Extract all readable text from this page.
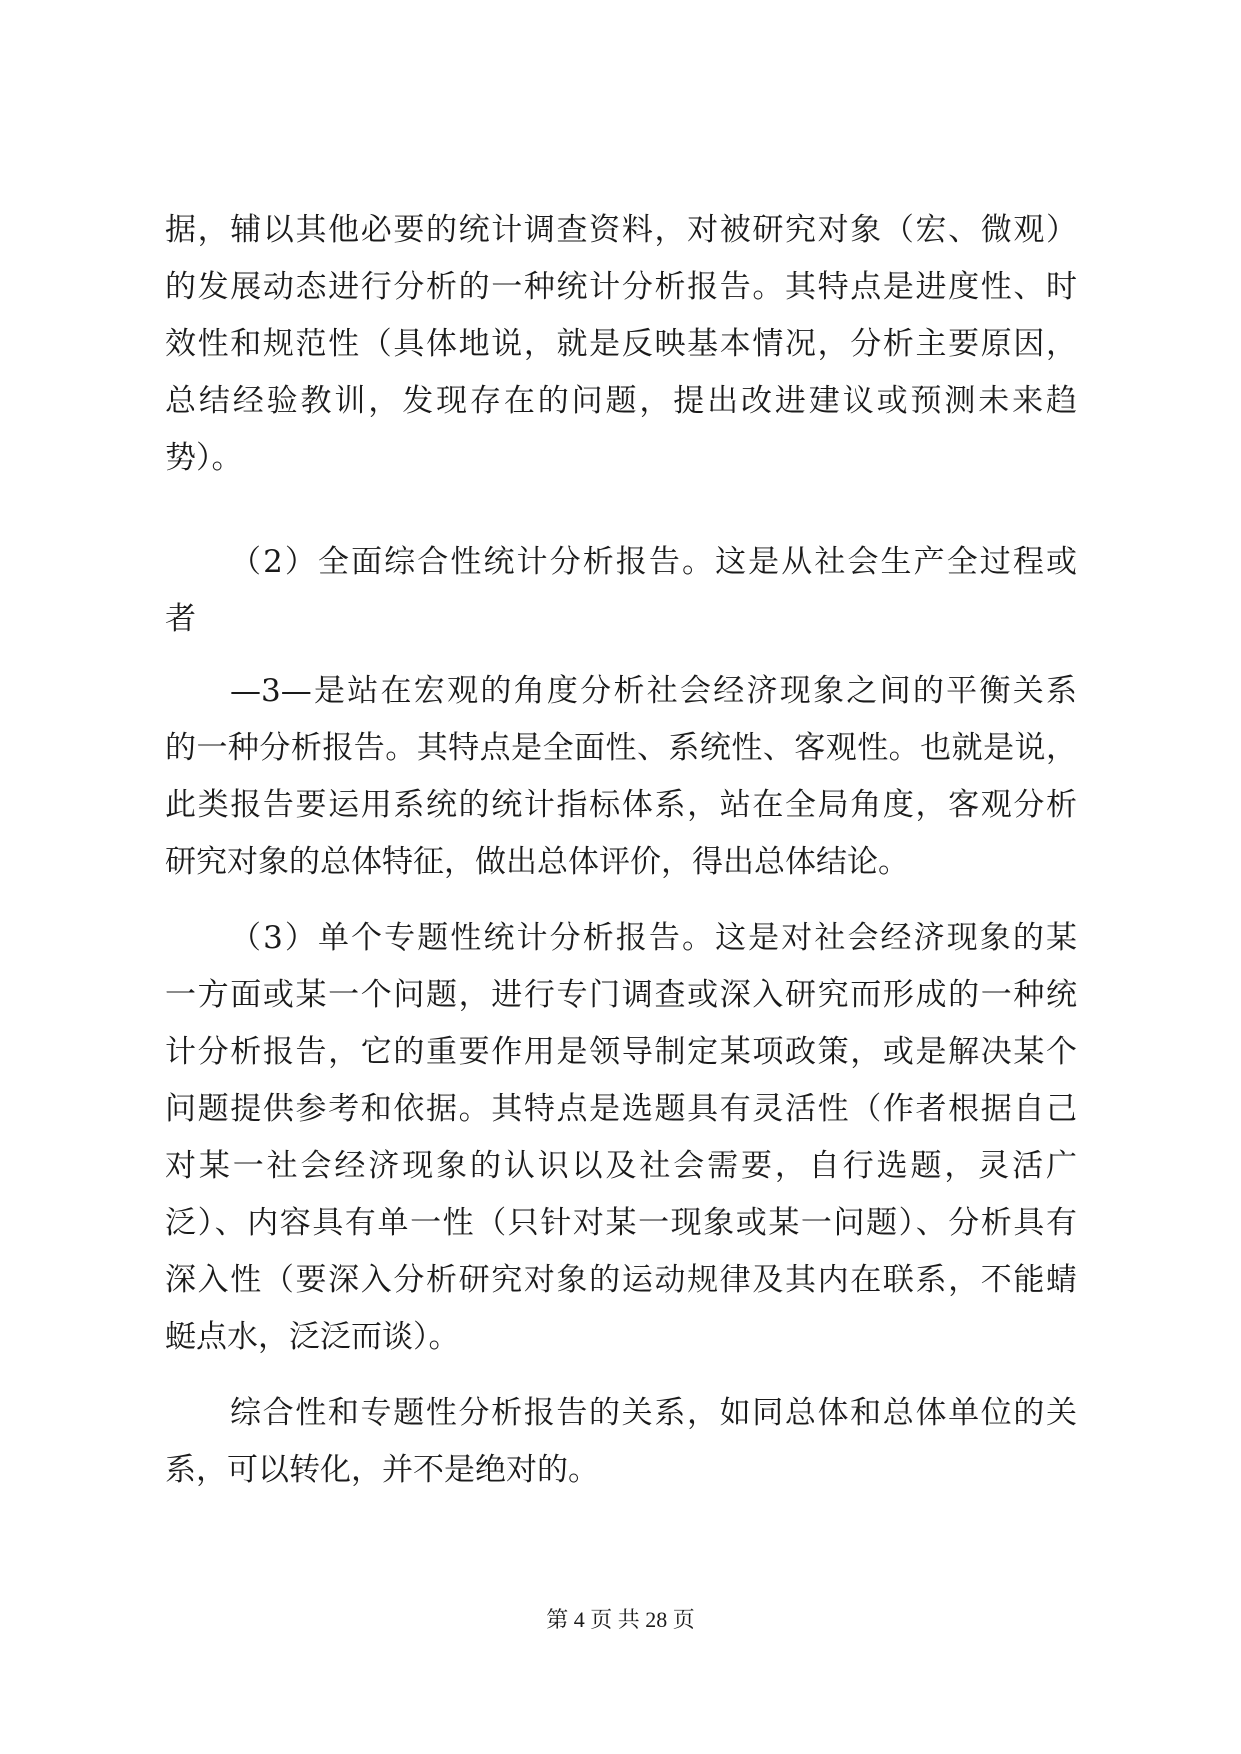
据，辅以其他必要的统计调查资料，对被研究对象（宏、微观）
的发展动态进行分析的一种统计分析报告。其特点是进度性、时
效性和规范性（具体地说，就是反映基本情况，分析主要原因，
总结经验教训，发现存在的问题，提出改进建议或预测未来趋
势）。
（2）全面综合性统计分析报告。这是从社会生产全过程或
者
—3—是站在宏观的角度分析社会经济现象之间的平衡关系
的一种分析报告。其特点是全面性、系统性、客观性。也就是说，
此类报告要运用系统的统计指标体系，站在全局角度，客观分析
研究对象的总体特征，做出总体评价，得出总体结论。
（3）单个专题性统计分析报告。这是对社会经济现象的某
一方面或某一个问题，进行专门调查或深入研究而形成的一种统
计分析报告，它的重要作用是领导制定某项政策，或是解决某个
问题提供参考和依据。其特点是选题具有灵活性（作者根据自己
对某一社会经济现象的认识以及社会需要，自行选题，灵活广
泛）、内容具有单一性（只针对某一现象或某一问题）、分析具有
深入性（要深入分析研究对象的运动规律及其内在联系，不能蜻
蜓点水，泛泛而谈）。
综合性和专题性分析报告的关系，如同总体和总体单位的关
系，可以转化，并不是绝对的。
第 4 页 共 28 页
